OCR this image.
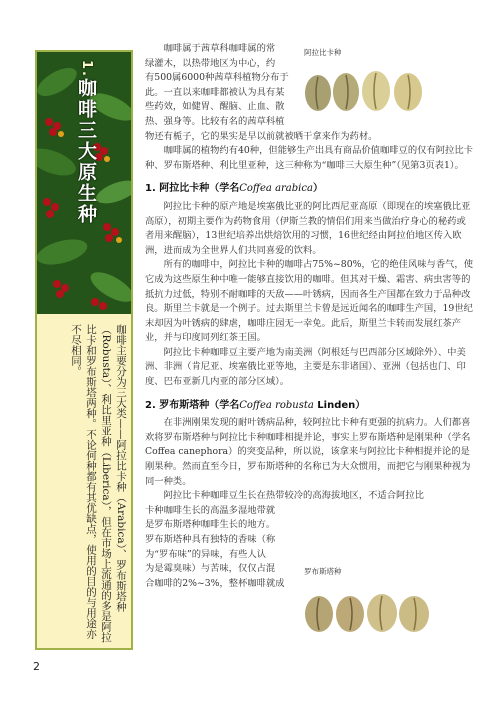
1.咖啡三大原生种
咖啡主要分为三大类——阿拉比卡种（Arabica）、罗布斯塔种（Robusta）、利比里亚种（Liberica），但在市场上流通的多是阿拉比卡和罗布斯塔两种。不论何种都有其优缺点，使用的目的与用途亦不尽相同。
阿拉比卡种
咖啡属于茜草科咖啡属的常
绿灌木，以热带地区为中心，约
有500属6000种茜草科植物分布于
此。一直以来咖啡都被认为具有某
些药效，如健胃、醒脑、止血、散
热、强身等。比较有名的茜草科植

物还有栀子，它的果实是早以前就被晒干拿来作为药材。

咖啡属的植物约有40种，但能够生产出具有商品价值咖啡豆的仅有阿拉比卡种、罗布斯塔种、利比里亚种，这三种称为“咖啡三大原生种”（见第3页表1）。

1. 阿拉比卡种（学名Coffea arabica）

阿拉比卡种的原产地是埃塞俄比亚的阿比西尼亚高原（即现在的埃塞俄比亚高原），初期主要作为药物食用（伊斯兰教的情侣们用来当做治疗身心的秘药或者用来醒脑），13世纪培养出烘焙饮用的习惯，16世纪经由阿拉伯地区传入欧洲，进而成为全世界人们共同喜爱的饮料。

所有的咖啡中，阿拉比卡种的咖啡占75%~80%，它的绝佳风味与香气，使它成为这些原生种中唯一能够直接饮用的咖啡。但其对干燥、霜害、病虫害等的抵抗力过低，特别不耐咖啡的天敌——叶锈病，因而各生产国都在致力于品种改良。斯里兰卡就是一个例子。过去斯里兰卡曾是远近闻名的咖啡生产国，19世纪末却因为叶锈病的肆虐，咖啡庄园无一幸免。此后，斯里兰卡转而发展红茶产业，并与印度同列红茶王国。

阿拉比卡种咖啡豆主要产地为南美洲（阿根廷与巴西部分区域除外）、中美洲、非洲（肯尼亚、埃塞俄比亚等地，主要是东非诸国）、亚洲（包括也门、印度、巴布亚新几内亚的部分区域）。

2. 罗布斯塔种（学名Coffea robusta Linden）

在非洲刚果发现的耐叶锈病品种，较阿拉比卡种有更强的抗病力。人们都喜欢将罗布斯塔种与阿拉比卡种咖啡相提并论，事实上罗布斯塔种是刚果种（学名Coffea canephora）的突变品种，所以说，该拿来与阿拉比卡种相提并论的是刚果种。然而直至今日，罗布斯塔种的名称已为大众惯用，而把它与刚果种视为同一种类。

阿拉比卡种咖啡豆生长在热带较冷的高海拔地区，不适合阿拉比
卡种咖啡生长的高温多湿地带就
是罗布斯塔种咖啡生长的地方。
罗布斯塔种具有独特的香味（称
为“罗布味”的异味，有些人认
为是霉臭味）与苦味，仅仅占混
合咖啡的2%~3%，整杯咖啡就成
罗布斯塔种
2
